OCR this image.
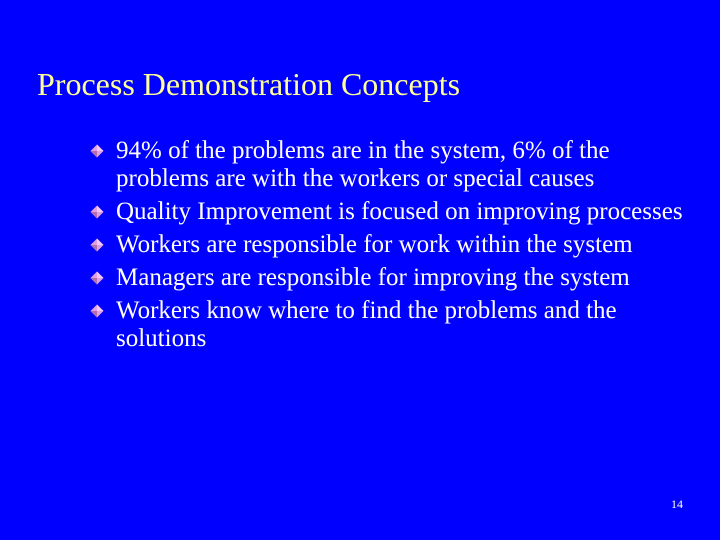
Process Demonstration Concepts
94% of the problems are in the system, 6% of the problems are with the workers or special causes
Quality Improvement is focused on improving processes
Workers are responsible for work within the system
Managers are responsible for improving the system
Workers know where to find the problems and the solutions
14
